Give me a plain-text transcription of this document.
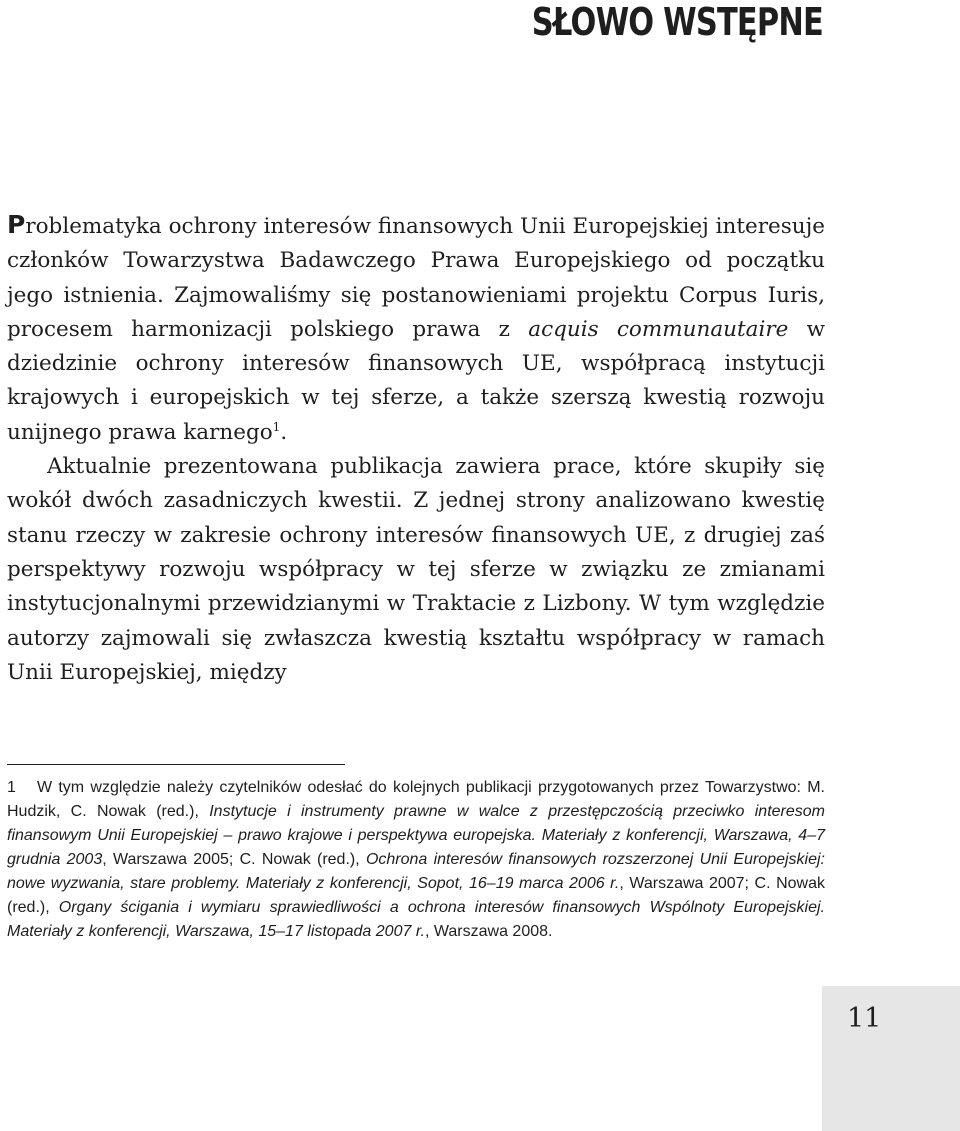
SŁOWO WSTĘPNE

Problematyka ochrony interesów finansowych Unii Europejskiej interesuje członków Towarzystwa Badawczego Prawa Europejskiego od początku jego istnienia. Zajmowaliśmy się postanowieniami projektu Corpus Iuris, procesem harmonizacji polskiego prawa z acquis communautaire w dziedzinie ochrony interesów finansowych UE, współpracą instytucji krajowych i europejskich w tej sferze, a także szerszą kwestią rozwoju unijnego prawa karnego$^1$.

Aktualnie prezentowana publikacja zawiera prace, które skupiły się wokół dwóch zasadniczych kwestii. Z jednej strony analizowano kwestię stanu rzeczy w zakresie ochrony interesów finansowych UE, z drugiej zaś perspektywy rozwoju współpracy w tej sferze w związku ze zmianami instytucjonalnymi przewidzianymi w Traktacie z Lizbony. W tym względzie autorzy zajmowali się zwłaszcza kwestią kształtu współpracy w ramach Unii Europejskiej, między

1 W tym względzie należy czytelników odesłać do kolejnych publikacji przygotowanych przez Towarzystwo: M. Hudzik, C. Nowak (red.), Instytucje i instrumenty prawne w walce z przestępczością przeciwko interesom finansowym Unii Europejskiej – prawo krajowe i perspektywa europejska. Materiały z konferencji, Warszawa, 4–7 grudnia 2003, Warszawa 2005; C. Nowak (red.), Ochrona interesów finansowych rozszerzonej Unii Europejskiej: nowe wyzwania, stare problemy. Materiały z konferencji, Sopot, 16–19 marca 2006 r., Warszawa 2007; C. Nowak (red.), Organy ścigania i wymiaru sprawiedliwości a ochrona interesów finansowych Wspólnoty Europejskiej. Materiały z konferencji, Warszawa, 15–17 listopada 2007 r., Warszawa 2008.

11
